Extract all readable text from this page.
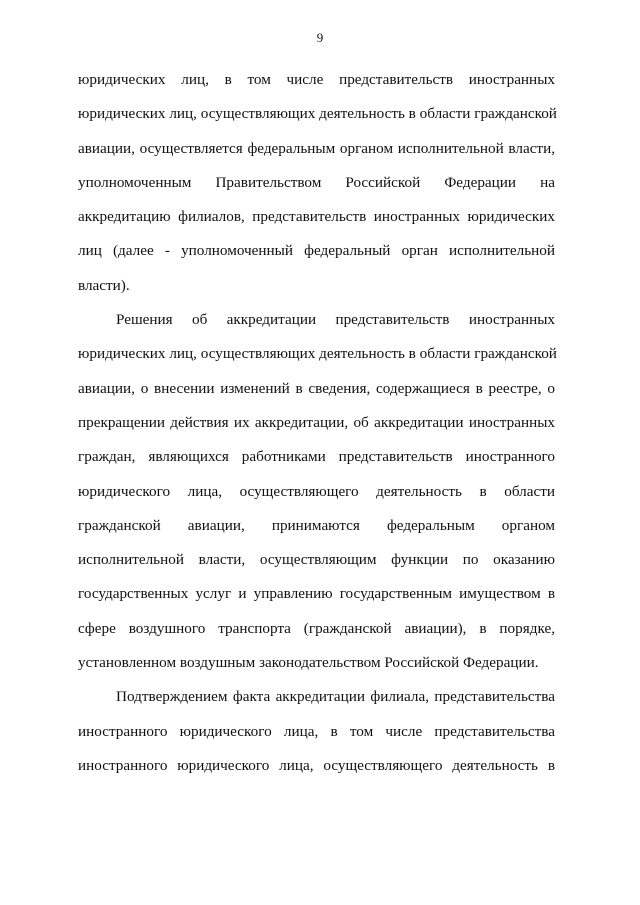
9
юридических лиц, в том числе представительств иностранных
юридических лиц, осуществляющих деятельность в области гражданской
авиации, осуществляется федеральным органом исполнительной власти,
уполномоченным Правительством Российской Федерации на
аккредитацию филиалов, представительств иностранных юридических
лиц (далее - уполномоченный федеральный орган исполнительной
власти).
Решения об аккредитации представительств иностранных
юридических лиц, осуществляющих деятельность в области гражданской
авиации, о внесении изменений в сведения, содержащиеся в реестре, о
прекращении действия их аккредитации, об аккредитации иностранных
граждан, являющихся работниками представительств иностранного
юридического лица, осуществляющего деятельность в области
гражданской авиации, принимаются федеральным органом
исполнительной власти, осуществляющим функции по оказанию
государственных услуг и управлению государственным имуществом в
сфере воздушного транспорта (гражданской авиации), в порядке,
установленном воздушным законодательством Российской Федерации.
Подтверждением факта аккредитации филиала, представительства
иностранного юридического лица, в том числе представительства
иностранного юридического лица, осуществляющего деятельность в
